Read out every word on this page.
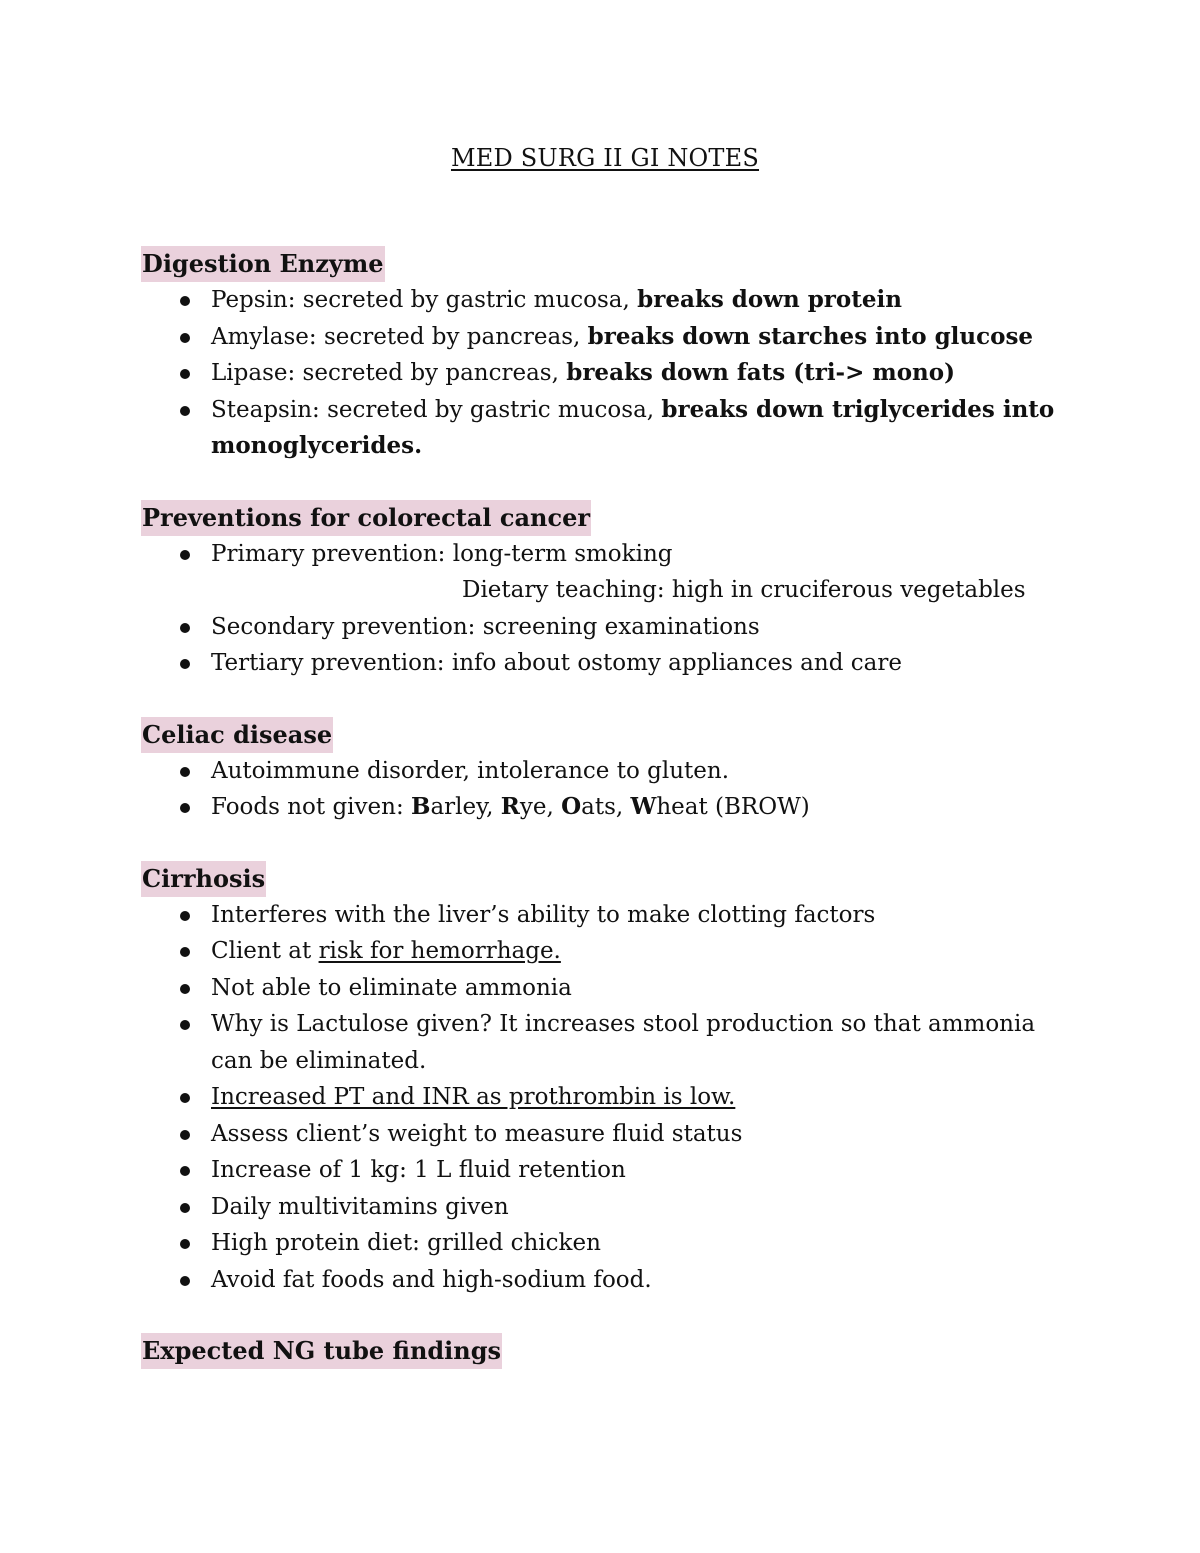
MED SURG II GI NOTES
Digestion Enzyme
Pepsin: secreted by gastric mucosa, breaks down protein
Amylase: secreted by pancreas, breaks down starches into glucose
Lipase: secreted by pancreas, breaks down fats (tri-> mono)
Steapsin: secreted by gastric mucosa, breaks down triglycerides into monoglycerides.
Preventions for colorectal cancer
Primary prevention: long-term smoking
Dietary teaching: high in cruciferous vegetables
Secondary prevention: screening examinations
Tertiary prevention: info about ostomy appliances and care
Celiac disease
Autoimmune disorder, intolerance to gluten.
Foods not given: Barley, Rye, Oats, Wheat (BROW)
Cirrhosis
Interferes with the liver’s ability to make clotting factors
Client at risk for hemorrhage.
Not able to eliminate ammonia
Why is Lactulose given? It increases stool production so that ammonia can be eliminated.
Increased PT and INR as prothrombin is low.
Assess client’s weight to measure fluid status
Increase of 1 kg: 1 L fluid retention
Daily multivitamins given
High protein diet: grilled chicken
Avoid fat foods and high-sodium food.
Expected NG tube findings
